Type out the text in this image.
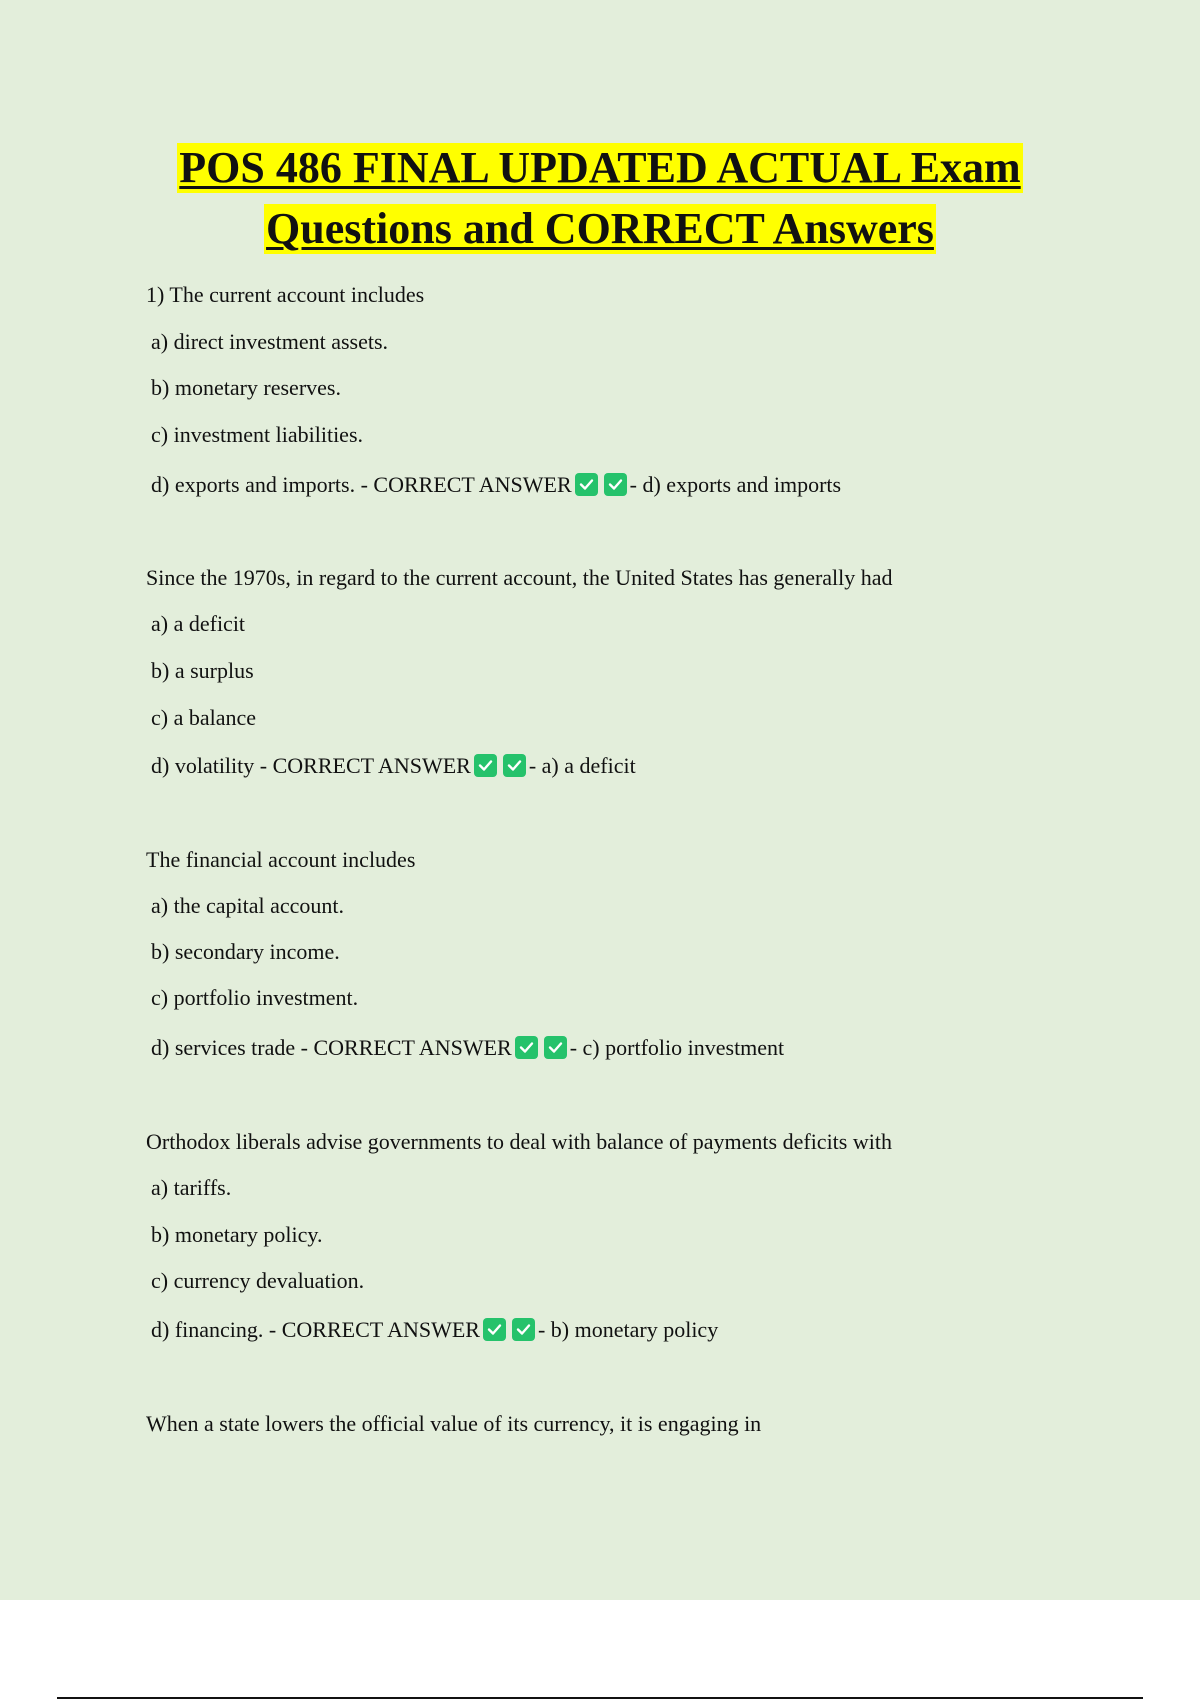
POS 486 FINAL UPDATED ACTUAL Exam
Questions and CORRECT Answers
1) The current account includes
a) direct investment assets.
b) monetary reserves.
c) investment liabilities.
d) exports and imports. - CORRECT ANSWER	- d) exports and imports
Since the 1970s, in regard to the current account, the United States has generally had
a) a deficit
b) a surplus
c) a balance
d) volatility - CORRECT ANSWER	- a) a deficit
The financial account includes
a) the capital account.
b) secondary income.
c) portfolio investment.
d) services trade - CORRECT ANSWER	- c) portfolio investment
Orthodox liberals advise governments to deal with balance of payments deficits with
a) tariffs.
b) monetary policy.
c) currency devaluation.
d) financing. - CORRECT ANSWER	- b) monetary policy
When a state lowers the official value of its currency, it is engaging in
